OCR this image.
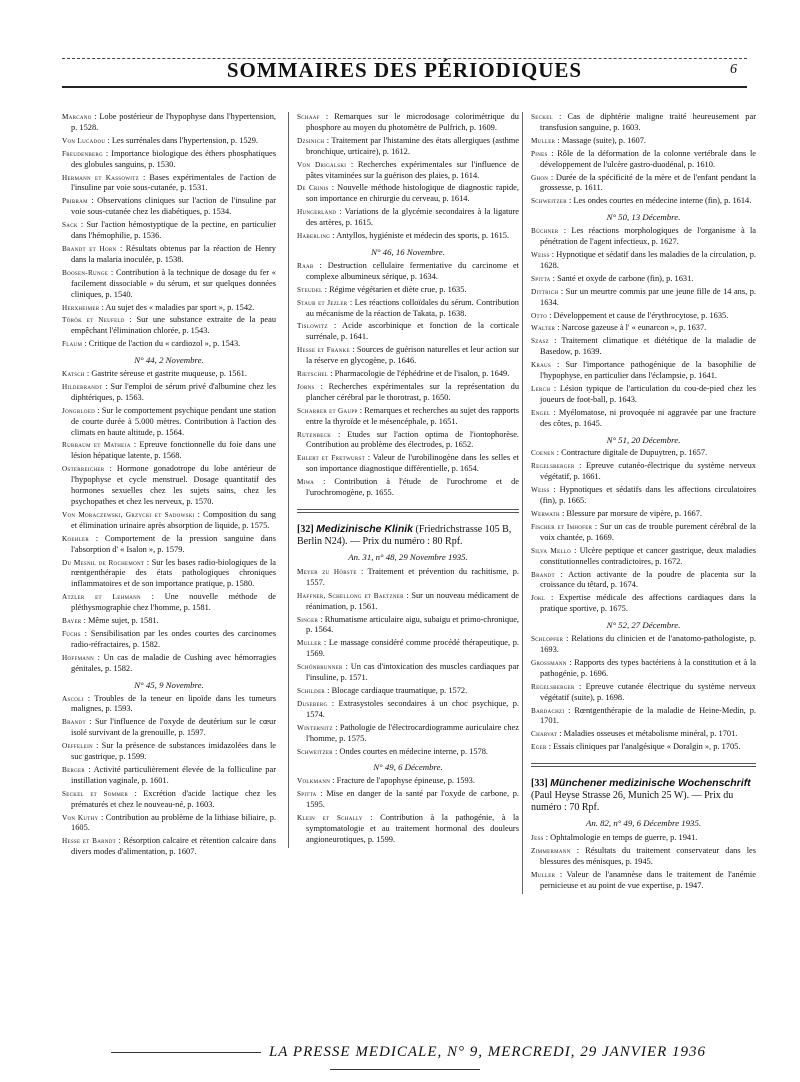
SOMMAIRES DES PÉRIODIQUES	6
Marcano : Lobe postérieur de l'hypophyse dans l'hypertension, p. 1528.
Von Lucadou : Les surrénales dans l'hypertension, p. 1529.
Freudenberg : Importance biologique des éthers phosphatiques des globules sanguins, p. 1530.
Hermann et Kassowitz : Bases expérimentales de l'action de l'insuline par voie sous-cutanée, p. 1531.
Pribram : Observations cliniques sur l'action de l'insuline par voie sous-cutanée chez les diabétiques, p. 1534.
Sack : Sur l'action hémostyptique de la pectine, en particulier dans l'hémophilie, p. 1536.
Brandt et Horn : Résultats obtenus par la réaction de Henry dans la malaria inoculée, p. 1538.
Boosen-Runge : Contribution à la technique de dosage du fer « facilement dissociable » du sérum, et sur quelques données cliniques, p. 1540.
Herxheimer : Au sujet des « maladies par sport », p. 1542.
Török et Neufeld : Sur une substance extraite de la peau empêchant l'élimination chlorée, p. 1543.
Flaum : Critique de l'action du « cardiozol », p. 1543.
N° 44, 2 Novembre.
Katsch : Gastrite séreuse et gastrite muqueuse, p. 1561.
Hildebrandt : Sur l'emploi de sérum privé d'albumine chez les diphtériques, p. 1563.
Jongbloed : Sur le comportement psychique pendant une station de courte durée à 5.000 mètres. Contribution à l'action des climats en haute altitude, p. 1564.
Rubbaum et Matheja : Epreuve fonctionnelle du foie dans une lésion hépatique latente, p. 1568.
Osterreicher : Hormone gonadotrope du lobe antérieur de l'hypophyse et cycle menstruel. Dosage quantitatif des hormones sexuelles chez les sujets sains, chez les psychopathes et chez les nerveux, p. 1570.
Von Moraczewski, Grzycki et Sadowski : Composition du sang et élimination urinaire après absorption de liquide, p. 1575.
Koehler : Comportement de la pression sanguine dans l'absorption d' « Isalon », p. 1579.
Du Mesnil de Rochemont : Sur les bases radio-biologiques de la rœntgenthérapie des états pathologiques chroniques inflammatoires et de son importance pratique, p. 1580.
Atzler et Lehmann : Une nouvelle méthode de pléthysmographie chez l'homme, p. 1581.
Bayer : Même sujet, p. 1581.
Fuchs : Sensibilisation par les ondes courtes des carcinomes radio-réfractaires, p. 1582.
Hoffmann : Un cas de maladie de Cushing avec hémorragies génitales, p. 1582.
N° 45, 9 Novembre.
Ascoli : Troubles de la teneur en lipoïde dans les tumeurs malignes, p. 1593.
Brandt : Sur l'influence de l'oxyde de deutérium sur le cœur isolé survivant de la grenouille, p. 1597.
Oeffelein : Sur la présence de substances imidazolées dans le suc gastrique, p. 1599.
Berger : Activité particulièrement élevée de la folliculine par instillation vaginale, p. 1601.
Seckel et Sommer : Excrétion d'acide lactique chez les prématurés et chez le nouveau-né, p. 1603.
Von Kuthy : Contribution au problème de la lithiase biliaire, p. 1605.
Hesse et Barndt : Résorption calcaire et rétention calcaire dans divers modes d'alimentation, p. 1607.
Schaaf : Remarques sur le microdosage colorimétrique du phosphore au moyen du photomètre de Pulfrich, p. 1609.
Dzsinich : Traitement par l'histamine des états allergiques (asthme bronchique, urticaire), p. 1612.
Von Drigalski : Recherches expérimentales sur l'influence de pâtes vitaminées sur la guérison des plaies, p. 1614.
De Crinis : Nouvelle méthode histologique de diagnostic rapide, son importance en chirurgie du cerveau, p. 1614.
Hungerland : Variations de la glycémie secondaires à la ligature des artères, p. 1615.
Haberling : Antyllos, hygiéniste et médecin des sports, p. 1615.
N° 46, 16 Novembre.
Raab : Destruction cellulaire fermentative du carcinome et complexe albumineux sérique, p. 1634.
Steudel : Régime végétarien et diète crue, p. 1635.
Staub et Jezler : Les réactions colloïdales du sérum. Contribution au mécanisme de la réaction de Takata, p. 1638.
Tislowitz : Acide ascorbinique et fonction de la corticale surrénale, p. 1641.
Hesse et Franke : Sources de guérison naturelles et leur action sur la réserve en glycogène, p. 1646.
Rietschel : Pharmacologie de l'éphédrine et de l'isalon, p. 1649.
Jorns : Recherches expérimentales sur la représentation du plancher cérébral par le thorotrast, p. 1650.
Scharrer et Gaupp : Remarques et recherches au sujet des rapports entre la thyroïde et le mésencéphale, p. 1651.
Rutenbeck : Etudes sur l'action optima de l'iontophorèse. Contribution au problème des électrodes, p. 1652.
Ehlert et Fretwurst : Valeur de l'urobilinogène dans les selles et son importance diagnostique différentielle, p. 1654.
Miwa : Contribution à l'étude de l'urochrome et de l'urochromogène, p. 1655.
[32] Medizinische Klinik (Friedrichstrasse 105 B, Berlin N24). — Prix du numéro : 80 Rpf.
An. 31, n° 48, 29 Novembre 1935.
Meyer zu Hörste : Traitement et prévention du rachitisme, p. 1557.
Haffner, Schellong et Baetzner : Sur un nouveau médicament de réanimation, p. 1561.
Singer : Rhumatisme articulaire aigu, subaigu et primo-chronique, p. 1564.
Muller : Le massage considéré comme procédé thérapeutique, p. 1569.
Schönbrunner : Un cas d'intoxication des muscles cardiaques par l'insuline, p. 1571.
Schilder : Blocage cardiaque traumatique, p. 1572.
Duseberg : Extrasystoles secondaires à un choc psychique, p. 1574.
Winternitz : Pathologie de l'électrocardiogramme auriculaire chez l'homme, p. 1575.
Schweitzer : Ondes courtes en médecine interne, p. 1578.
N° 49, 6 Décembre.
Volkmann : Fracture de l'apophyse épineuse, p. 1593.
Spitta : Mise en danger de la santé par l'oxyde de carbone, p. 1595.
Klein et Schally : Contribution à la pathogénie, à la symptomatologie et au traitement hormonal des douleurs angioneurotiques, p. 1599.
Seckel : Cas de diphtérie maligne traité heureusement par transfusion sanguine, p. 1603.
Muller : Massage (suite), p. 1607.
Pines : Rôle de la déformation de la colonne vertébrale dans le développement de l'ulcère gastro-duodénal, p. 1610.
Ghon : Durée de la spécificité de la mère et de l'enfant pendant la grossesse, p. 1611.
Schweitzer : Les ondes courtes en médecine interne (fin), p. 1614.
N° 50, 13 Décembre.
Büchner : Les réactions morphologiques de l'organisme à la pénétration de l'agent infectieux, p. 1627.
Weiss : Hypnotique et sédatif dans les maladies de la circulation, p. 1628.
Spitta : Santé et oxyde de carbone (fin), p. 1631.
Dittrich : Sur un meurtre commis par une jeune fille de 14 ans, p. 1634.
Otto : Développement et cause de l'érythrocytose, p. 1635.
Walter : Narcose gazeuse à l' « eunarcon », p. 1637.
Szasz : Traitement climatique et diététique de la maladie de Basedow, p. 1639.
Kraus : Sur l'importance pathogénique de la basophilie de l'hypophyse, en particulier dans l'éclampsie, p. 1641.
Lerch : Lésion typique de l'articulation du cou-de-pied chez les joueurs de foot-ball, p. 1643.
Engel : Myélomatose, ni provoquée ni aggravée par une fracture des côtes, p. 1645.
N° 51, 20 Décembre.
Coenen : Contracture digitale de Dupuytren, p. 1657.
Regelsberger : Epreuve cutanéo-électrique du système nerveux végétatif, p. 1661.
Weiss : Hypnotiques et sédatifs dans les affections circulatoires (fin), p. 1665.
Werwath : Blessure par morsure de vipère, p. 1667.
Fischer et Imhofer : Sur un cas de trouble purement cérébral de la voix chantée, p. 1669.
Silva Mello : Ulcère peptique et cancer gastrique, deux maladies constitutionnelles contradictoires, p. 1672.
Brandt : Action activante de la poudre de placenta sur la croissance du têtard, p. 1674.
Jokl : Expertise médicale des affections cardiaques dans la pratique sportive, p. 1675.
N° 52, 27 Décembre.
Schlopfer : Relations du clinicien et de l'anatomo-pathologiste, p. 1693.
Grossmann : Rapports des types bactériens à la constitution et à la pathogénie, p. 1696.
Regelsberger : Epreuve cutanée électrique du système nerveux végétatif (suite), p. 1698.
Bardachzi : Rœntgenthérapie de la maladie de Heine-Medin, p. 1701.
Charvat : Maladies osseuses et métabolisme minéral, p. 1701.
Eger : Essais cliniques par l'analgésique « Doralgin », p. 1705.
[33] Münchener medizinische Wochenschrift (Paul Heyse Strasse 26, Munich 25 W). — Prix du numéro : 70 Rpf.
An. 82, n° 49, 6 Décembre 1935.
Jess : Ophtalmologie en temps de guerre, p. 1941.
Zimmermann : Résultats du traitement conservateur dans les blessures des ménisques, p. 1945.
Muller : Valeur de l'anamnèse dans le traitement de l'anémie pernicieuse et au point de vue expertise, p. 1947.
LA PRESSE MEDICALE, N° 9, MERCREDI, 29 JANVIER 1936
